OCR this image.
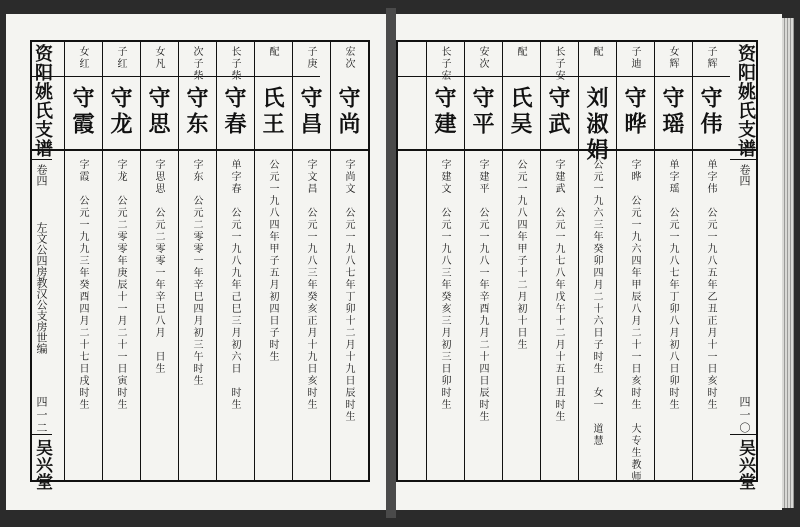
资阳姚氏支谱
卷四
左文公四房教汉公支房世编
四一二
吴兴堂
宏次
守尚
字尚文　公元一九八七年丁卯十二月十九日辰时生
子庚
守昌
字文昌　公元一九八三年癸亥正月十九日亥时生
配
氏王
公元一九八四年甲子五月初四日子时生
长子柴
守春
单字春　公元一九八九年己巳三月初六日　时生
次子柴
守东
字东　公元二零零一年辛巳四月初三午时生
女凡
守思
字思思　公元二零零一年辛巳八月　日生
子红
守龙
字龙　公元二零零年庚辰十一月二十一日寅时生
女红
守霞
字霞　公元一九九三年癸酉四月二十七日戌时生
资阳姚氏支谱
卷四
四一〇
吴兴堂
子辉
守伟
单字伟　公元一九八五年乙丑正月十一日亥时生
女辉
守瑶
单字瑶　公元一九八七年丁卯八月初八日卯时生
子迪
守晔
字晔　公元一九六四年甲辰八月二十一日亥时生　大专生教师
配
刘淑娟
公元一九六三年癸卯四月二十六日子时生　女一　道慧
长子安
守武
字建武　公元一九七八年戊午十二月十五日丑时生
配
氏吴
公元一九八四年甲子十二月初十日生
安次
守平
字建平　公元一九八一年辛酉九月二十四日辰时生
长子宏
守建
字建文　公元一九八三年癸亥三月初三日卯时生
